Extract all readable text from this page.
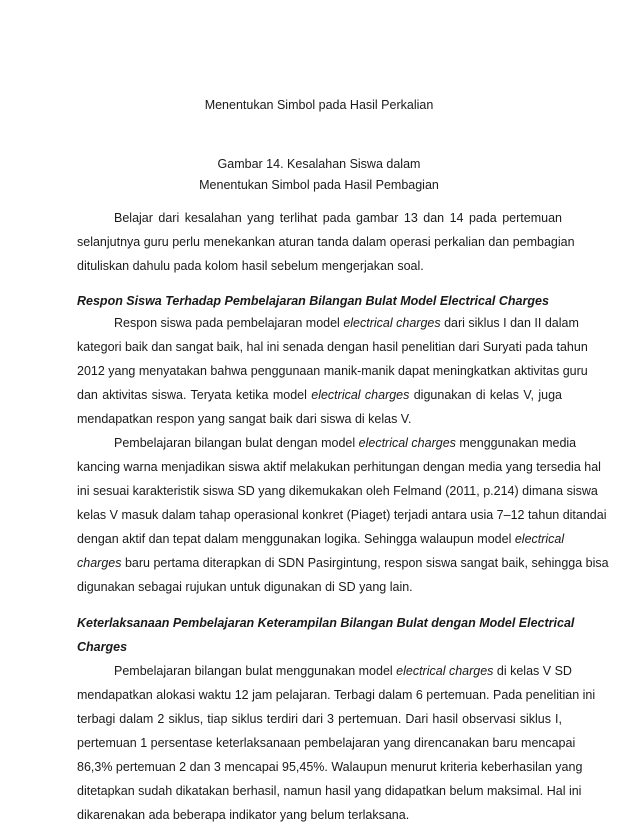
Menentukan Simbol pada Hasil Perkalian
Gambar 14. Kesalahan Siswa dalam
Menentukan Simbol pada Hasil Pembagian
Belajar dari kesalahan yang terlihat pada gambar 13 dan 14 pada pertemuan
selanjutnya guru perlu menekankan aturan tanda dalam operasi perkalian dan pembagian
dituliskan dahulu pada kolom hasil sebelum mengerjakan soal.
Respon Siswa Terhadap Pembelajaran Bilangan Bulat Model Electrical Charges
Respon siswa pada pembelajaran model electrical charges dari siklus I dan II dalam
kategori baik dan sangat baik, hal ini senada dengan hasil penelitian dari Suryati pada tahun
2012 yang menyatakan bahwa penggunaan manik-manik dapat meningkatkan aktivitas guru
dan aktivitas siswa. Teryata ketika model electrical charges digunakan di kelas V, juga
mendapatkan respon yang sangat baik dari siswa di kelas V.
Pembelajaran bilangan bulat dengan model electrical charges menggunakan media
kancing warna menjadikan siswa aktif melakukan perhitungan dengan media yang tersedia hal
ini sesuai karakteristik siswa SD yang dikemukakan oleh Felmand (2011, p.214) dimana siswa
kelas V masuk dalam tahap operasional konkret (Piaget) terjadi antara usia 7–12 tahun ditandai
dengan aktif dan tepat dalam menggunakan logika. Sehingga walaupun model electrical
charges baru pertama diterapkan di SDN Pasirgintung, respon siswa sangat baik, sehingga bisa
digunakan sebagai rujukan untuk digunakan di SD yang lain.
Keterlaksanaan Pembelajaran Keterampilan Bilangan Bulat dengan Model Electrical
Charges
Pembelajaran bilangan bulat menggunakan model electrical charges di kelas V SD
mendapatkan alokasi waktu 12 jam pelajaran. Terbagi dalam 6 pertemuan. Pada penelitian ini
terbagi dalam 2 siklus, tiap siklus terdiri dari 3 pertemuan. Dari hasil observasi siklus I,
pertemuan 1 persentase keterlaksanaan pembelajaran yang direncanakan baru mencapai
86,3% pertemuan 2 dan 3 mencapai 95,45%. Walaupun menurut kriteria keberhasilan yang
ditetapkan sudah dikatakan berhasil, namun hasil yang didapatkan belum maksimal. Hal ini
dikarenakan ada beberapa indikator yang belum terlaksana.
